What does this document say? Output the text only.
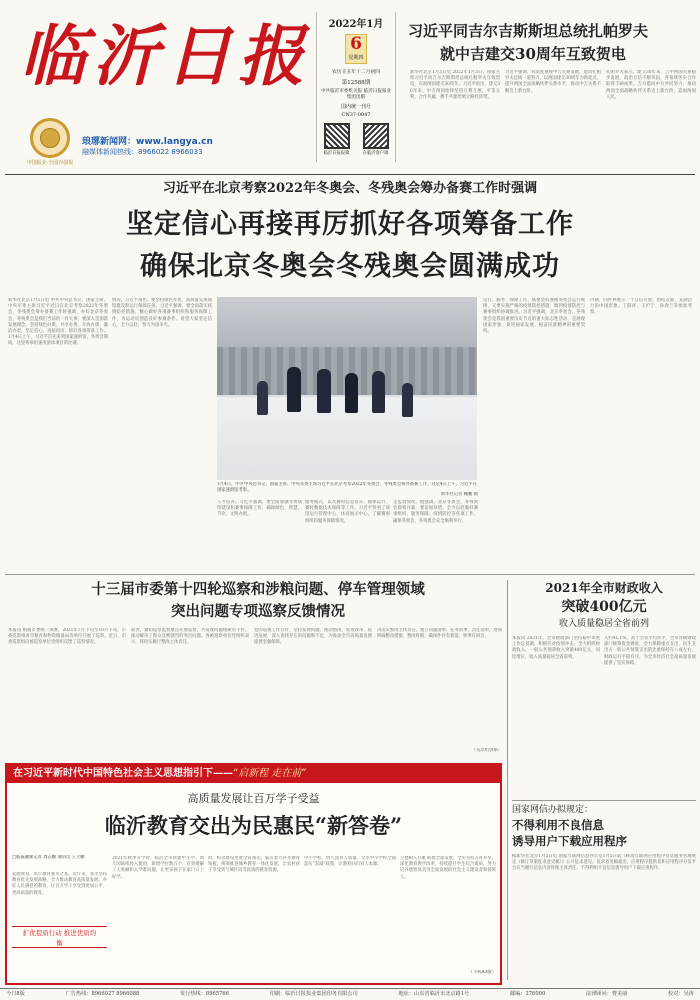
临 沂 日 报
中国报业·全国百强报
琅琊新闻网：www.langya.cn
融媒体新闻热线：8966022 8966033
2022年1月
6
星期四
农历辛丑年十二月初四
第12588期
中共临沂市委机关报 临沂日报报业集团出版
国内统一刊号
CN37-0047
临沂日报报微	在临沂客户端
习近平同吉尔吉斯斯坦总统扎帕罗夫
就中吉建交30周年互致贺电
新华社北京1月5日电 2022年1月5日，国家主席习近平同吉尔吉斯斯坦总统扎帕罗夫互致贺电，庆祝两国建交30周年。习近平指出，建交30年来，中吉两国始终坚持互利互惠，平等互利，合作共赢，携手共建丝绸之路经济带。
习近平强调，我高度重视中吉关系发展，愿同扎帕罗夫总统一道努力，以两国建交30周年为新起点，提升两国全面战略伙伴关系水平，推动中吉关系不断迈上新台阶。
扎帕罗夫表示，建交30年来，吉中两国关系稳步发展，政治互信不断巩固，各领域务实合作取得丰硕成果。吉方愿同中方共同努力，推动两国全面战略伙伴关系迈上新台阶，造福两国人民。
习近平在北京考察2022年冬奥会、冬残奥会筹办备赛工作时强调
坚定信心再接再厉抓好各项筹备工作
确保北京冬奥会冬残奥会圆满成功
新华社北京1月5日电 中共中央总书记、国家主席、中央军委主席习近平近日在北京考察2022年冬奥会、冬残奥会筹办备赛工作时强调，办好北京冬奥会、冬残奥会是我们当前的一件大事，要深入贯彻新发展理念，坚持绿色办奥、共享办奥、开放办奥、廉洁办奥，坚定信心，再接再厉，抓好各项筹备工作。1月4日上午，习近平首先来到国家速滑馆，冬奥会期间，这里将承担速度滑冰项目的比赛。
情况。习近平指出，要坚持绿色办奥，高质量完成场馆建设和运行保障任务。习近平强调，要全面落实疫情防控措施，精心做好各项赛事组织和服务保障工作，为运动员创造良好参赛条件。希望大家坚定信心，全力以赴，努力为国争光。
1月4日，中共中央总书记、国家主席、中央军委主席习近平在北京考察2022年冬奥会、冬残奥会筹办备赛工作。这是4日上午，习近平在国家速滑馆考察。
新华社记者 鞠鹏 摄
人才培养。习近平强调，要全面加强冬奥场馆建设和赛事保障工作，确保绿色、智慧、节俭、文明办奥。
服务模式，以及赛时信息发布、媒体运行、赛时数据技术保障等工作。习近平察看了场馆运行管理中心、体育展示中心，了解赛事组织和服务保障情况。
企监督情况。他强调，北京冬奥会、冬残奥会即将开幕，要倍加珍惜，全力以赴做好赛事组织、服务保障、疫情防控等各项工作，确保冬奥会、冬残奥会安全顺利举行。
运行、服务、保障工作，既要坚持遵循冬奥会运行规律，又要实施严格的疫情防控措施，做到疫情防控与赛事组织协调推进。习近平强调，北京冬奥会、冬残奥会是我国重要历史节点的重大标志性活动，是展现国家形象、促进国家发展、振奋民族精神的重要契机。
内涵，向世界展示一个自信开放、团结友爱、充满活力的中国形象。丁薛祥、王沪宁、孙春兰等参加考察。
十三届市委第十四轮巡察和涉粮问题、停车管理领域
突出问题专项巡察反馈情况
本报讯 根据市委统一部署，2021年7月下旬至10月下旬，市委巡察组对市粮食和物资储备局等单位开展了巡察。近日，市委巡察组向被巡察单位党组织反馈了巡察情况。
职责，紧扣巡察监督重点开展巡察，共发现问题线索若干件，推动解决了群众反映强烈的突出问题。各被巡察单位党组织表示，将切实履行整改主体责任。
党的巡视工作方针，坚持发现问题、推动整改、促进改革、促进发展，深入查找存在的问题和不足，为推动全市高质量发展提供坚强保障。
决落实整改主体责任，建立问题清单、任务清单、责任清单，逐项明确整改措施、整改时限，确保件件有着落、事事有回音。
（巡察组供稿）
2021年全市财政收入
突破400亿元
收入质量稳居全省前列
本报讯 2021年，全市财政部门坚持稳中求进工作总基调，积极应对疫情冲击，全力组织财政收入，一般公共预算收入突破400亿元，同比增长，收入质量稳居全省前列。
入约41.1%，高于全省平均水平。全市各级财政部门统筹资金调度，全力保障重点支出，民生支出占一般公共预算支出的比重保持在八成左右，财政运行平稳有序，为全市经济社会高质量发展提供了坚实保障。
国家网信办拟规定：
不得利用不良信息
诱导用户下载应用程序
据新华社北京1月5日电 国家互联网信息办公室1月5日就《移动互联网应用程序信息服务管理规定（修订草案征求意见稿）》公开征求意见。征求意见稿提出，应用程序提供者和应用程序分发平台应当履行信息内容管理主体责任，不得利用不良信息诱导用户下载应用程序。
在习近平新时代中国特色社会主义思想指引下——“启新程 走在前”
高质量发展让百万学子受益
临沂教育交出为民惠民“新答卷”
□临报融媒记者 周志鹏 通讯员 王立鹏
起跑教育，筑牢教育强市之基。近年来，我市坚持教育优先发展战略，全力推动教育高质量发展，办好人民满意的教育，让百万学子享受到更加公平、更高质量的教育。
扩优提质行动 推进优质均衡
2021年秋季开学时，临沂全市新建中小学、幼儿园陆续投入使用，新增学位数万个，有效缓解了大班额和入学难问题，让更多孩子在家门口上好学。
时，校舍建设进度全省领先。临沂着力补齐教育短板，统筹推进城乡教育一体化发展，让农村孩子享受到与城区同等优质的教育资源。
中小学校、幼儿园育人质量。全市中小学校全面落实“双减”政策，让教育回归育人本源。
立德树人启航 助推全面发展。全市坚持五育并举，深化教育教学改革，持续提升学生综合素质，努力培养德智体美劳全面发展的社会主义建设者和接班人。
（下转A3版）
今日8版	广告热线：8966027 8966088	发行热线：8965766	印刷：临沂日报报业集团印务有限公司	地址：山东省临沂市北京路1号	邮编：276000	法律顾问：曹美丽	校对：吴涛
